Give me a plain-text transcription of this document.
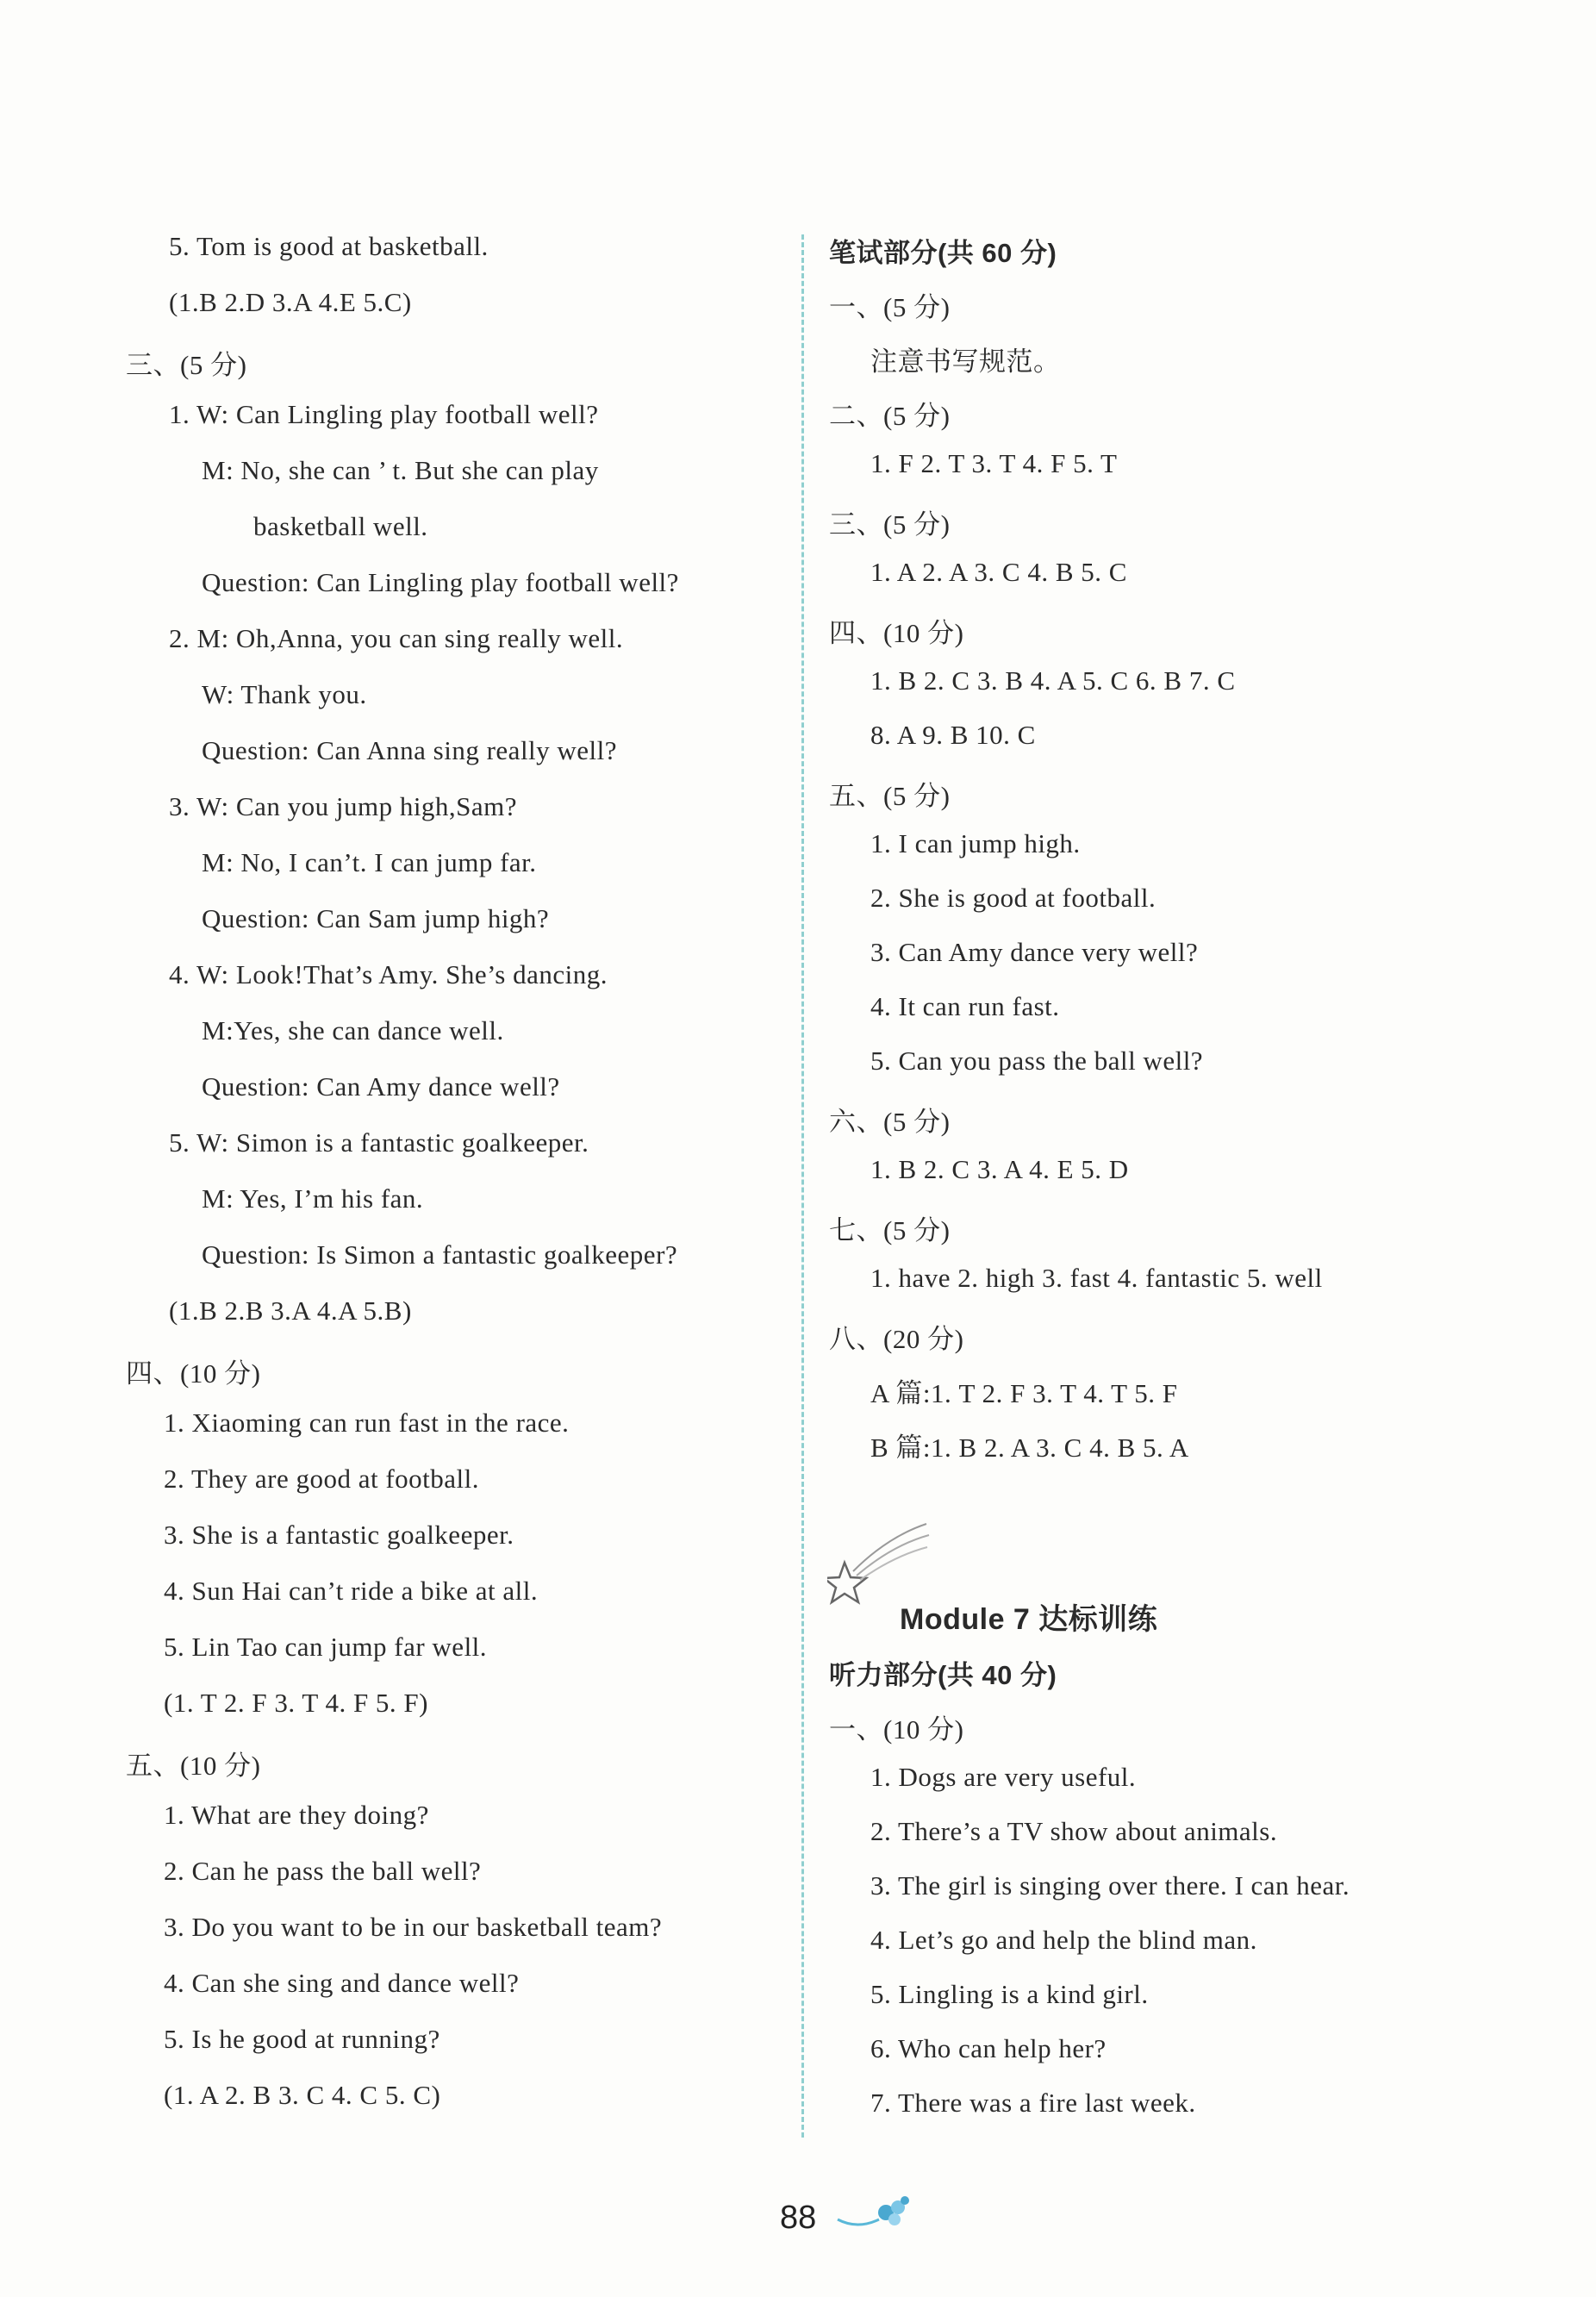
5. Tom is good at basketball.
(1.B 2.D 3.A 4.E 5.C)
三、(5 分)
1. W: Can Lingling play football well?
M: No, she can ’ t. But she can play
basketball well.
Question: Can Lingling play football well?
2. M: Oh,Anna, you can sing really well.
W: Thank you.
Question: Can Anna sing really well?
3. W: Can you jump high,Sam?
M: No, I can’t. I can jump far.
Question: Can Sam jump high?
4. W: Look!That’s Amy. She’s dancing.
M:Yes, she can dance well.
Question: Can Amy dance well?
5. W: Simon is a fantastic goalkeeper.
M: Yes, I’m his fan.
Question: Is Simon a fantastic goalkeeper?
(1.B 2.B 3.A 4.A 5.B)
四、(10 分)
1. Xiaoming can run fast in the race.
2. They are good at football.
3. She is a fantastic goalkeeper.
4. Sun Hai can’t ride a bike at all.
5. Lin Tao can jump far well.
(1. T 2. F 3. T 4. F 5. F)
五、(10 分)
1. What are they doing?
2. Can he pass the ball well?
3. Do you want to be in our basketball team?
4. Can she sing and dance well?
5. Is he good at running?
(1. A 2. B 3. C 4. C 5. C)
Module 7 达标训练
笔试部分(共 60 分)
一、(5 分)
注意书写规范。
二、(5 分)
1. F 2. T 3. T 4. F 5. T
三、(5 分)
1. A 2. A 3. C 4. B 5. C
四、(10 分)
1. B 2. C 3. B 4. A 5. C 6. B 7. C
8. A 9. B 10. C
五、(5 分)
1. I can jump high.
2. She is good at football.
3. Can Amy dance very well?
4. It can run fast.
5. Can you pass the ball well?
六、(5 分)
1. B 2. C 3. A 4. E 5. D
七、(5 分)
1. have 2. high 3. fast 4. fantastic 5. well
八、(20 分)
A 篇:1. T 2. F 3. T 4. T 5. F
B 篇:1. B 2. A 3. C 4. B 5. A
听力部分(共 40 分)
一、(10 分)
1. Dogs are very useful.
2. There’s a TV show about animals.
3. The girl is singing over there. I can hear.
4. Let’s go and help the blind man.
5. Lingling is a kind girl.
6. Who can help her?
7. There was a fire last week.
88
